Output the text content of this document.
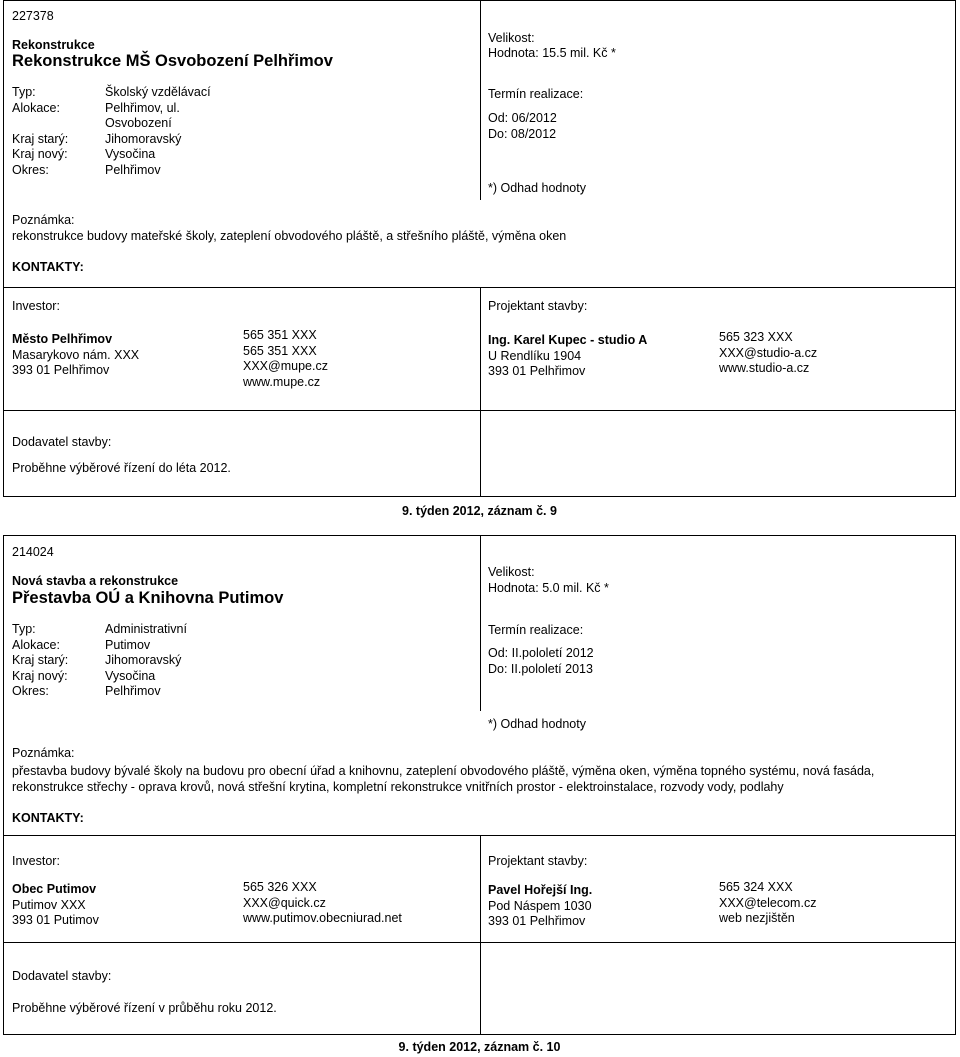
227378
Rekonstrukce
Rekonstrukce MŠ Osvobození Pelhřimov
Typ:
Alokace:

Kraj starý:
Kraj nový:
Okres:
Školský vzdělávací
Pelhřimov, ul.
Osvobození
Jihomoravský
Vysočina
Pelhřimov
Velikost:
Hodnota: 15.5 mil. Kč *
Termín realizace:
Od: 06/2012
Do: 08/2012
*) Odhad hodnoty
Poznámka:
rekonstrukce budovy mateřské školy, zateplení obvodového pláště, a střešního pláště, výměna oken
KONTAKTY:
Investor:
Město Pelhřimov
Masarykovo nám. XXX
393 01 Pelhřimov
565 351 XXX
565 351 XXX
XXX@mupe.cz
www.mupe.cz
Projektant stavby:
Ing. Karel Kupec - studio A
U Rendlíku 1904
393 01 Pelhřimov
565 323 XXX
XXX@studio-a.cz
www.studio-a.cz
Dodavatel stavby:
Proběhne výběrové řízení do léta 2012.
9. týden 2012, záznam č. 9
214024
Nová stavba a rekonstrukce
Přestavba OÚ a Knihovna Putimov
Typ:
Alokace:
Kraj starý:
Kraj nový:
Okres:
Administrativní
Putimov
Jihomoravský
Vysočina
Pelhřimov
Velikost:
Hodnota: 5.0 mil. Kč *
Termín realizace:
Od: II.pololetí 2012
Do: II.pololetí 2013
*) Odhad hodnoty
Poznámka:
přestavba budovy bývalé školy na budovu pro obecní úřad a knihovnu, zateplení obvodového pláště, výměna oken, výměna topného systému, nová fasáda,
rekonstrukce střechy - oprava krovů, nová střešní krytina, kompletní rekonstrukce vnitřních prostor - elektroinstalace, rozvody vody, podlahy
KONTAKTY:
Investor:
Obec Putimov
Putimov XXX
393 01 Putimov
565 326 XXX
XXX@quick.cz
www.putimov.obecniurad.net
Projektant stavby:
Pavel Hořejší Ing.
Pod Náspem 1030
393 01 Pelhřimov
565 324 XXX
XXX@telecom.cz
web nezjištěn
Dodavatel stavby:
Proběhne výběrové řízení v průběhu roku 2012.
9. týden 2012, záznam č. 10
